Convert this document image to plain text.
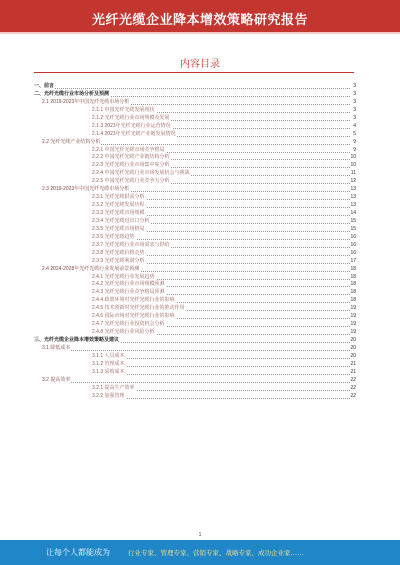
光纤光缆企业降本增效策略研究报告
内容目录
一、前言	3
二、光纤光缆行业市场分析及预测	3
2.1 2019-2023年中国光纤光缆市场分析	3
2.1.1 中国光纤光缆发展现状	3
2.1.2 光纤光缆行业市场规模及发展	3
2.1.3 2023年光纤光缆行业运营情况	4
2.1.4 2023年光纤光缆产业链发展情况	5
2.2 光纤光缆产业结构分析	9
2.2.1 中国光纤光缆市场竞争格局	9
2.2.2 中国光纤光缆产业链结构分析	10
2.2.3 光纤光缆行业市场集中度分析	10
2.2.4 中国光纤光缆行业市场发展机会与挑战	11
2.2.5 中国光纤光缆行业竞争力分析	12
2.3 2019-2023年中国光纤光缆市场分析	13
2.3.1 光纤光缆供需分析	13
2.3.2 光纤光缆发展历程	13
2.3.3 光纤光缆市场规模	14
2.3.4 光纤光缆进出口分析	15
2.3.5 光纤光缆市场格局	15
2.3.6 光纤光缆趋势	16
2.3.7 光纤光缆行业市场需求与供给	16
2.3.8 光纤光缆价格走势	16
2.3.9 光纤光缆利润分析	17
2.4 2024-2028年光纤光缆行业发展前景预测	18
2.4.1 光纤光缆行业发展趋势	18
2.4.2 光纤光缆行业市场规模预测	18
2.4.3 光纤光缆行业竞争格局预测	18
2.4.4 政策环境对光纤光缆行业的影响	18
2.4.5 技术创新对光纤光缆行业的推动作用	19
2.4.6 国际市场对光纤光缆行业的影响	19
2.4.7 光纤光缆行业投资机会分析	19
2.4.8 光纤光缆行业风险分析	19
三、光纤光缆企业降本增效策略及建议	20
3.1 降低成本	20
3.1.1 人员成本	20
3.1.2 管理成本	21
3.1.3 采购成本	21
3.2 提高效率	22
3.2.1 提高生产效率	22
3.2.2 加强管理	22
1
让每个人都能成为	行业专家、管理专家、营销专家、战略专家、成功企业家……
